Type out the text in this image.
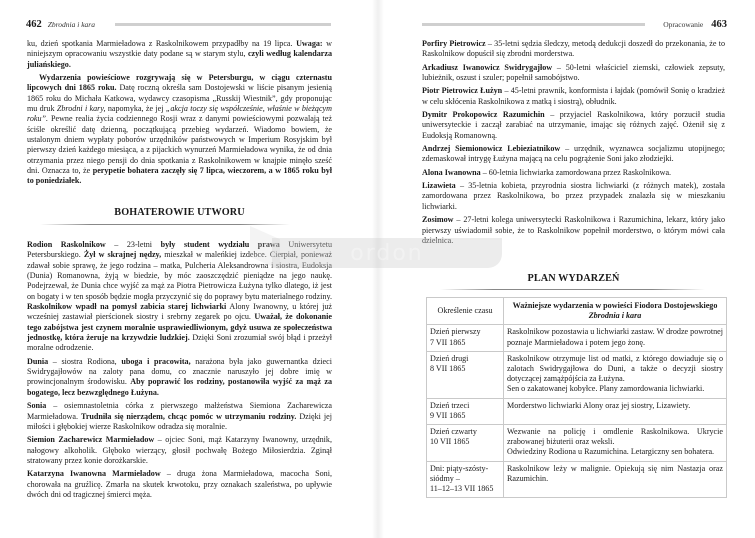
462 Zbrodnia i kara

ku, dzień spotkania Marmieładowa z Raskolnikowem przypadłby na 19 lipca. Uwaga: w niniejszym opracowaniu wszystkie daty podane są w starym stylu, czyli według kalendarza juliańskiego.

Wydarzenia powieściowe rozgrywają się w Petersburgu, w ciągu czternastu lipcowych dni 1865 roku. Datę roczną określa sam Dostojewski w liście pisanym jesienią 1865 roku do Michała Katkowa, wydawcy czasopisma „Russkij Wiestnik”, gdy proponując mu druk Zbrodni i kary, napomyka, że jej „akcja toczy się współcześnie, właśnie w bieżącym roku”. Pewne realia życia codziennego Rosji wraz z danymi powieściowymi pozwalają też ściśle określić datę dzienną, początkującą przebieg wydarzeń. Wiadomo bowiem, że ustalonym dniem wypłaty poborów urzędników państwowych w Imperium Rosyjskim był pierwszy dzień każdego miesiąca, a z pijackich wynurzeń Marmieładowa wynika, że od dnia otrzymania przez niego pensji do dnia spotkania z Raskolnikowem w knajpie minęło sześć dni. Oznacza to, że perypetie bohatera zaczęły się 7 lipca, wieczorem, a w 1865 roku był to poniedziałek.

BOHATEROWIE UTWORU

Rodion Raskolnikow – 23-letni były student wydziału prawa Uniwersytetu Petersburskiego. Żył w skrajnej nędzy, mieszkał w maleńkiej izdebce. Cierpiał, ponieważ zdawał sobie sprawę, że jego rodzina – matka, Pulcheria Aleksandrowna i siostra, Eudoksja (Dunia) Romanowna, żyją w biedzie, by móc zaoszczędzić pieniądze na jego naukę. Podejrzewał, że Dunia chce wyjść za mąż za Piotra Pietrowicza Łużyna tylko dlatego, iż jest on bogaty i w ten sposób będzie mogła przyczynić się do poprawy bytu materialnego rodziny. Raskolnikow wpadł na pomysł zabicia starej lichwiarki Alony Iwanowny, u której już wcześniej zastawiał pierścionek siostry i srebrny zegarek po ojcu. Uważał, że dokonanie tego zabójstwa jest czynem moralnie usprawiedliwionym, gdyż usuwa ze społeczeństwa jednostkę, która żeruje na krzywdzie ludzkiej. Dzięki Soni zrozumiał swój błąd i przeżył moralne odrodzenie.

Dunia – siostra Rodiona, uboga i pracowita, narażona była jako guwernantka dzieci Swidrygajłowów na zaloty pana domu, co znacznie naruszyło jej dobre imię w prowincjonalnym środowisku. Aby poprawić los rodziny, postanowiła wyjść za mąż za bogatego, lecz bezwzględnego Łużyna.

Sonia – osiemnastoletnia córka z pierwszego małżeństwa Siemiona Zacharewicza Marmieładowa. Trudniła się nierządem, chcąc pomóc w utrzymaniu rodziny. Dzięki jej miłości i głębokiej wierze Raskolnikow odradza się moralnie.

Siemion Zacharewicz Marmieładow – ojciec Soni, mąż Katarzyny Iwanowny, urzędnik, nałogowy alkoholik. Głęboko wierzący, głosił pochwałę Bożego Miłosierdzia. Zginął stratowany przez konie dorożkarskie.

Katarzyna Iwanowna Marmieładow – druga żona Marmieładowa, macocha Soni, chorowała na gruźlicę. Zmarła na skutek krwotoku, przy oznakach szaleństwa, po upływie dwóch dni od tragicznej śmierci męża.

Opracowanie 463

Porfiry Pietrowicz – 35-letni sędzia śledczy, metodą dedukcji doszedł do przekonania, że to Raskolnikow dopuścił się zbrodni morderstwa.

Arkadiusz Iwanowicz Swidrygajłow – 50-letni właściciel ziemski, człowiek zepsuty, lubieżnik, oszust i szuler; popełnił samobójstwo.

Piotr Pietrowicz Łużyn – 45-letni prawnik, konformista i łajdak (pomówił Sonię o kradzież w celu skłócenia Raskolnikowa z matką i siostrą), obłudnik.

Dymitr Prokopowicz Razumichin – przyjaciel Raskolnikowa, który porzucił studia uniwersyteckie i zaczął zarabiać na utrzymanie, imając się różnych zajęć. Ożenił się z Eudoksją Romanowną.

Andrzej Siemionowicz Lebieziatnikow – urzędnik, wyznawca socjalizmu utopijnego; zdemaskował intrygę Łużyna mającą na celu pogrążenie Soni jako złodziejki.

Alona Iwanowna – 60-letnia lichwiarka zamordowana przez Raskolnikowa.

Lizawieta – 35-letnia kobieta, przyrodnia siostra lichwiarki (z różnych matek), została zamordowana przez Raskolnikowa, bo przez przypadek znalazła się w mieszkaniu lichwiarki.

Zosimow – 27-letni kolega uniwersytecki Raskolnikowa i Razumichina, lekarz, który jako pierwszy uświadomił sobie, że to Raskolnikow popełnił morderstwo, o którym mówi cała dzielnica.

PLAN WYDARZEŃ
Określenie czasu	Ważniejsze wydarzenia w powieści Fiodora Dostojewskiego
Zbrodnia i kara
Dzień pierwszy
7 VII 1865	Raskolnikow pozostawia u lichwiarki zastaw. W drodze powrotnej poznaje Marmieładowa i potem jego żonę.
Dzień drugi
8 VII 1865	Raskolnikow otrzymuje list od matki, z którego dowiaduje się o zalotach Swidrygajłowa do Duni, a także o decyzji siostry dotyczącej zamążpójścia za Łużyna.
Sen o zakatowanej kobyłce. Plany zamordowania lichwiarki.
Dzień trzeci
9 VII 1865	Morderstwo lichwiarki Alony oraz jej siostry, Lizawiety.
Dzień czwarty
10 VII 1865	Wezwanie na policję i omdlenie Raskolnikowa. Ukrycie zrabowanej biżuterii oraz weksli.
Odwiedziny Rodiona u Razumichina. Letargiczny sen bohatera.
Dni: piąty-szósty-
siódmy –
11–12–13 VII 1865	Raskolnikow leży w malignie. Opiekują się nim Nastazja oraz Razumichin.
ordon
